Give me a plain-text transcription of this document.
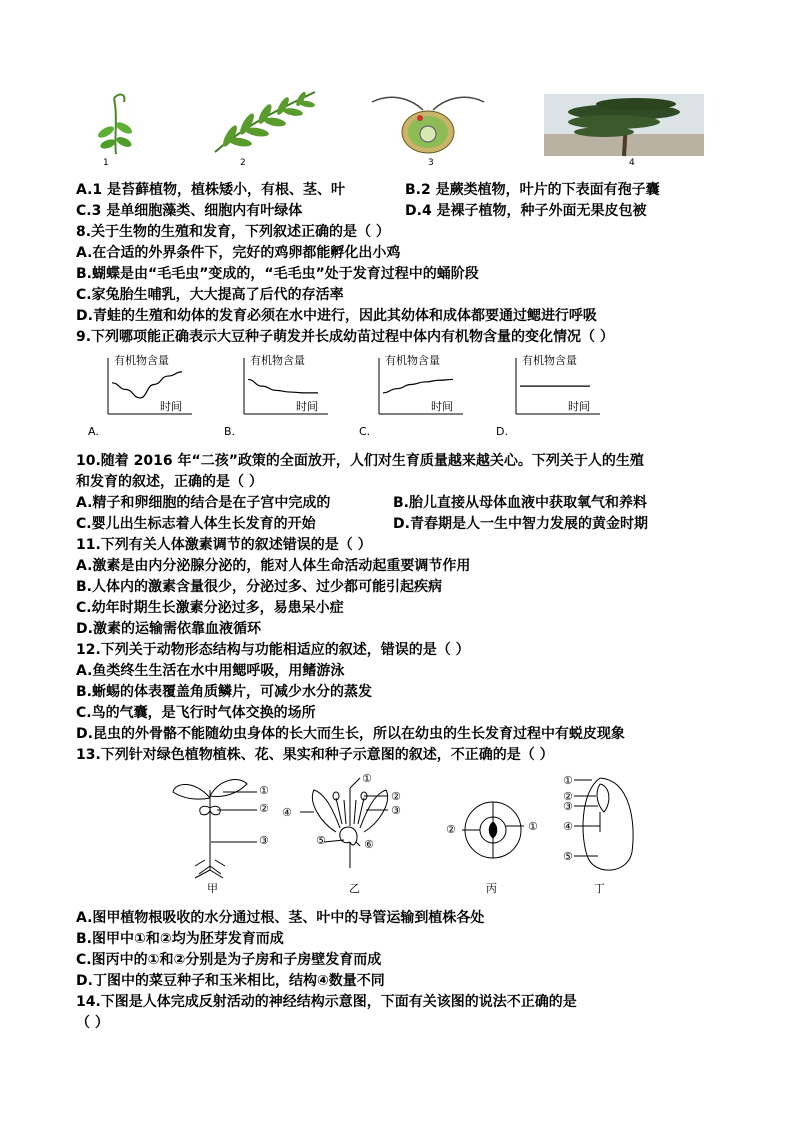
1	2	3	4
A.1 是苔藓植物，植株矮小，有根、茎、叶	B.2 是蕨类植物，叶片的下表面有孢子囊
C.3 是单细胞藻类、细胞内有叶绿体	D.4 是裸子植物，种子外面无果皮包被
8.关于生物的生殖和发育，下列叙述正确的是（ ）
A.在合适的外界条件下，完好的鸡卵都能孵化出小鸡
B.蝴蝶是由“毛毛虫”变成的，“毛毛虫”处于发育过程中的蛹阶段
C.家兔胎生哺乳，大大提高了后代的存活率
D.青蛙的生殖和幼体的发育必须在水中进行，因此其幼体和成体都要通过鳃进行呼吸
9.下列哪项能正确表示大豆种子萌发并长成幼苗过程中体内有机物含量的变化情况（ ）
有机物含量
时间
A.
有机物含量
时间
B.
有机物含量
时间
C.
有机物含量
时间
D.
10.随着 2016 年“二孩”政策的全面放开，人们对生育质量越来越关心。下列关于人的生殖
和发育的叙述，正确的是（ ）
A.精子和卵细胞的结合是在子宫中完成的	B.胎儿直接从母体血液中获取氧气和养料
C.婴儿出生标志着人体生长发育的开始	D.青春期是人一生中智力发展的黄金时期
11.下列有关人体激素调节的叙述错误的是（ ）
A.激素是由内分泌腺分泌的，能对人体生命活动起重要调节作用
B.人体内的激素含量很少，分泌过多、过少都可能引起疾病
C.幼年时期生长激素分泌过多，易患呆小症
D.激素的运输需依靠血液循环
12.下列关于动物形态结构与功能相适应的叙述，错误的是（ ）
A.鱼类终生生活在水中用鳃呼吸，用鳍游泳
B.蜥蜴的体表覆盖角质鳞片，可减少水分的蒸发
C.鸟的气囊，是飞行时气体交换的场所
D.昆虫的外骨骼不能随幼虫身体的长大而生长，所以在幼虫的生长发育过程中有蜕皮现象
13.下列针对绿色植物植株、花、果实和种子示意图的叙述，不正确的是（ ）
①
②
③
甲
①
②
③
④
⑤	⑥
乙
①
②
丙
①
②
③
④
⑤
丁
A.图甲植物根吸收的水分通过根、茎、叶中的导管运输到植株各处
B.图甲中①和②均为胚芽发育而成
C.图丙中的①和②分别是为子房和子房壁发育而成
D.丁图中的菜豆种子和玉米相比，结构④数量不同
14.下图是人体完成反射活动的神经结构示意图，下面有关该图的说法不正确的是
（ ）
